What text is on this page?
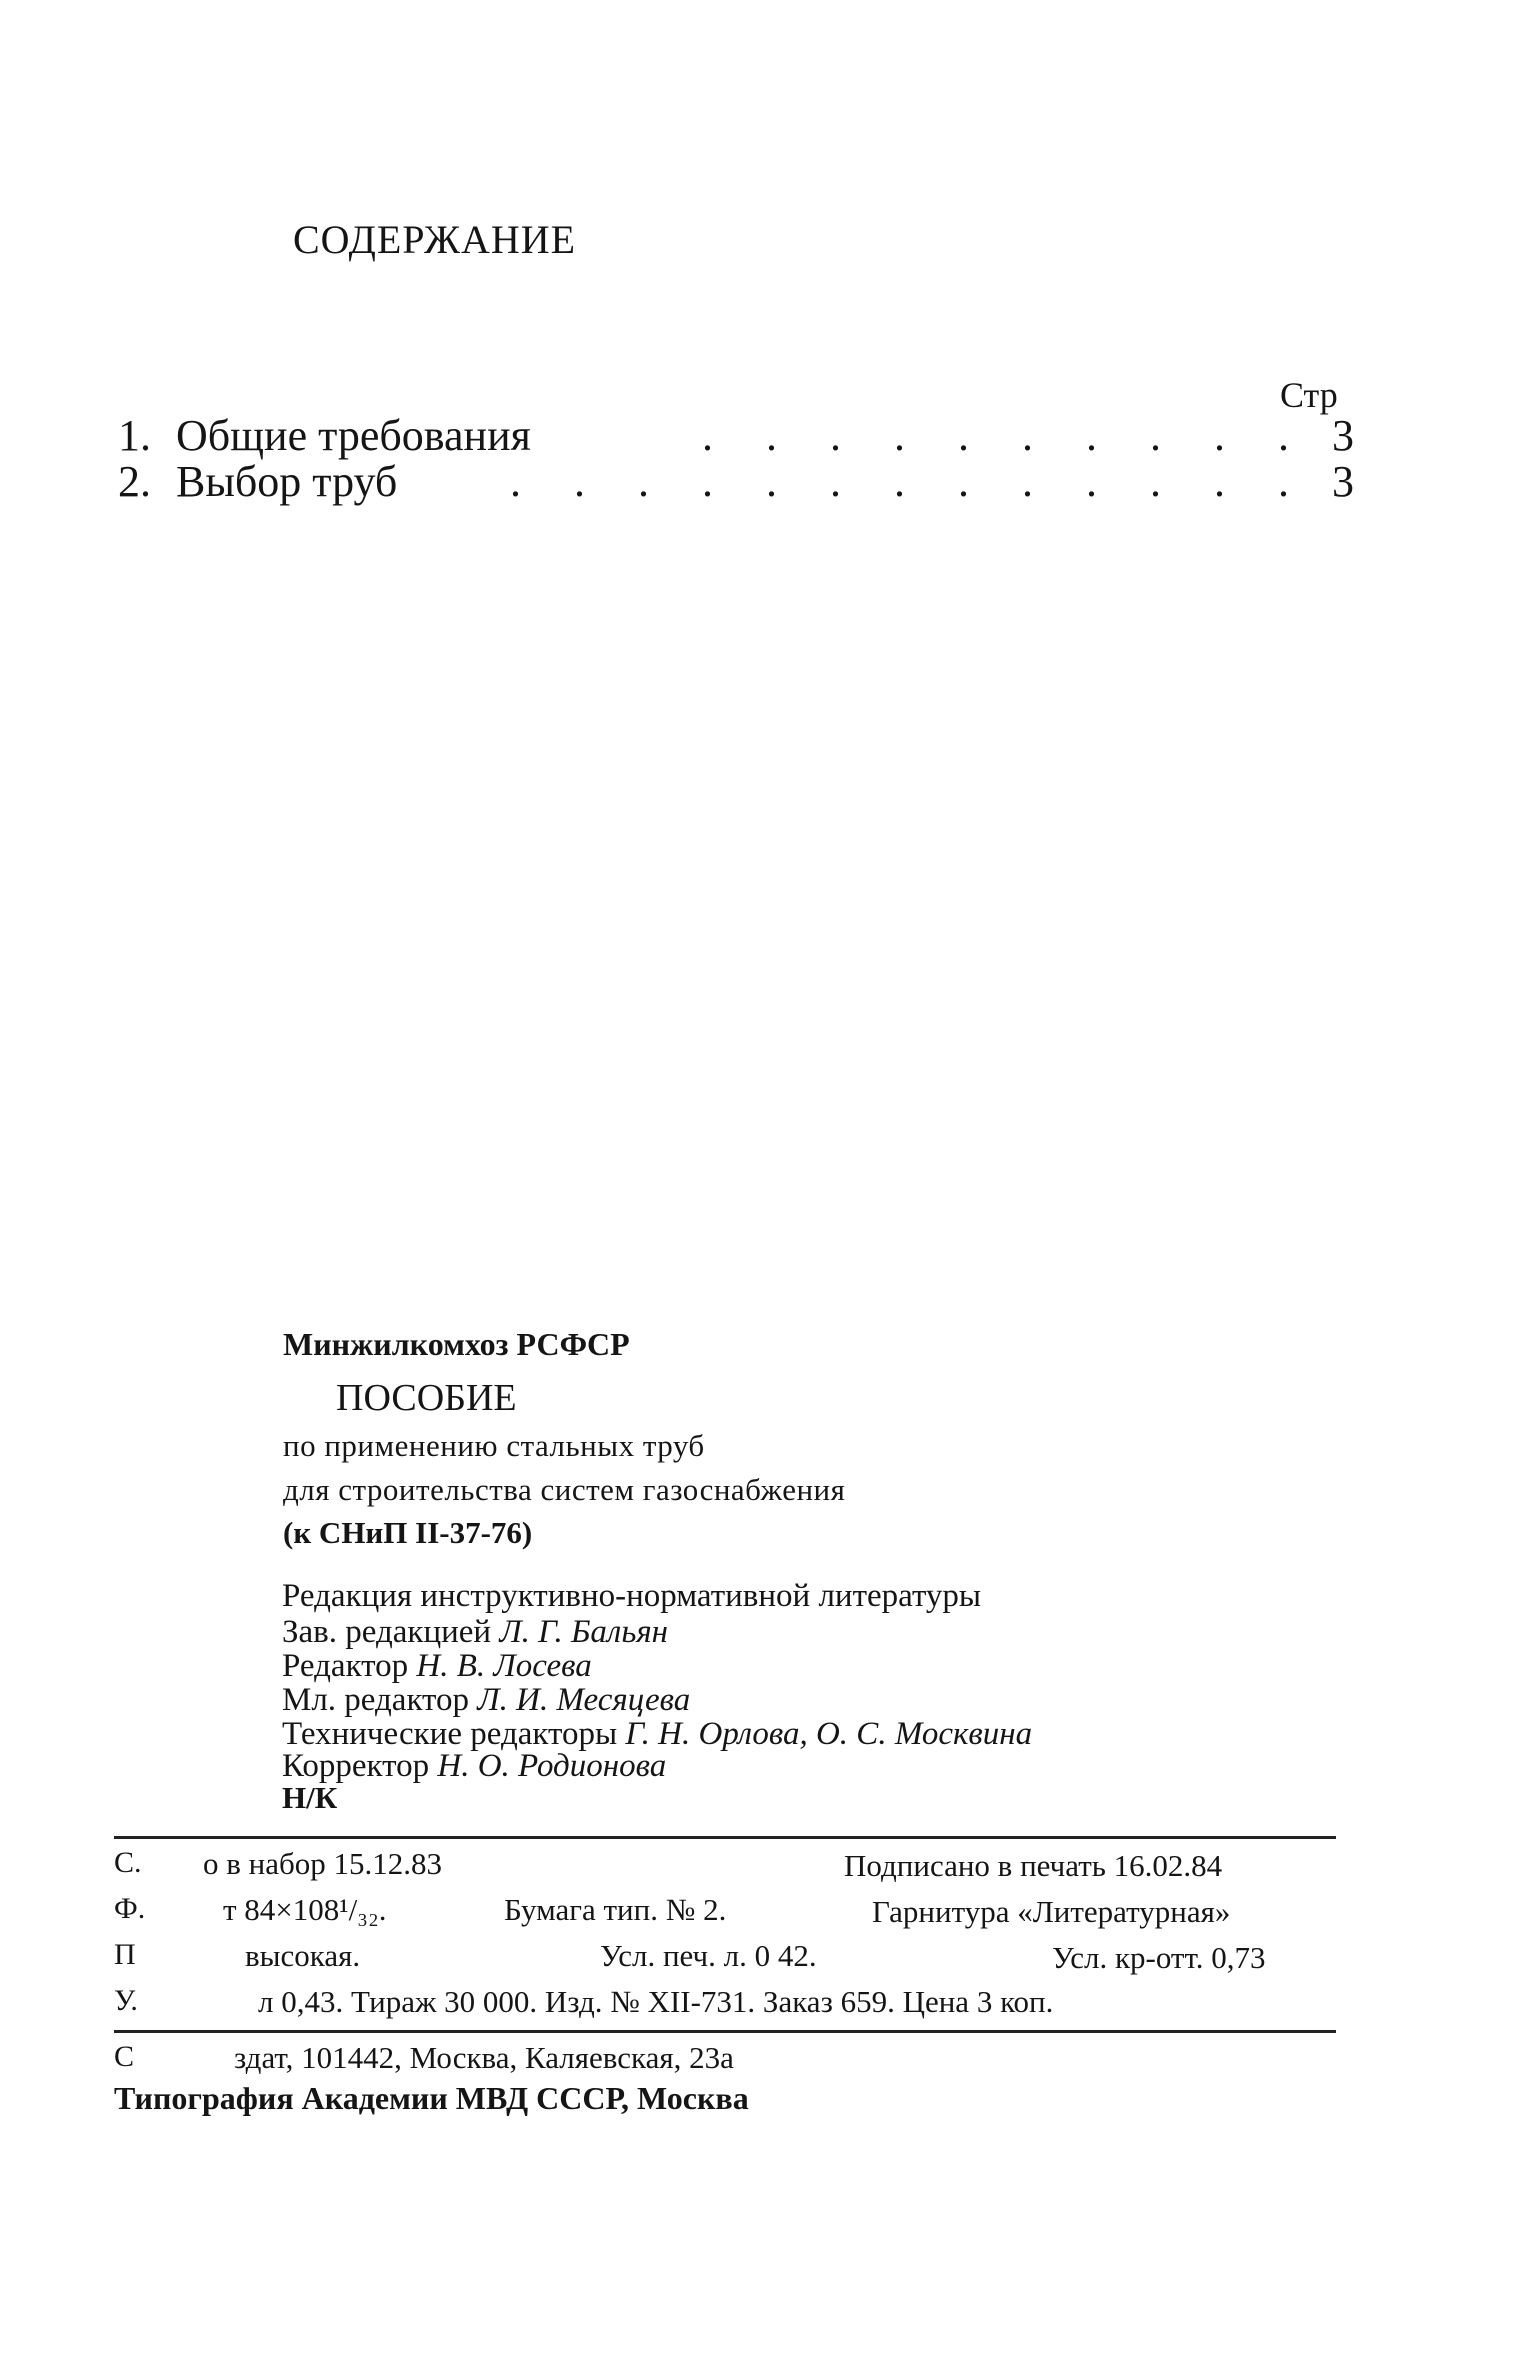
СОДЕРЖАНИЕ
Стр
1. Общие требования	. . . . . . . . . . 3
2. Выбор труб	. . . . . . . . . . . . . 3
Минжилкомхоз РСФСР
ПОСОБИЕ
по применению стальных труб
для строительства систем газоснабжения
(к СНиП II-37-76)
Редакция инструктивно-нормативной литературы
Зав. редакцией Л. Г. Бальян
Редактор Н. В. Лосева
Мл. редактор Л. И. Месяцева
Технические редакторы Г. Н. Орлова, О. С. Москвина
Корректор Н. О. Родионова
Н/К
С. о в набор 15.12.83	Подписано в печать 16.02.84
Ф.	т 84×108¹/₃₂.	Бумага тип. № 2.	Гарнитура «Литературная»
П	высокая.	Усл. печ. л. 0 42.	Усл. кр-отт. 0,73
У.	л 0,43. Тираж 30 000. Изд. № XII-731. Заказ 659. Цена 3 коп.
С	здат, 101442, Москва, Каляевская, 23а
Типография Академии МВД СССР, Москва
